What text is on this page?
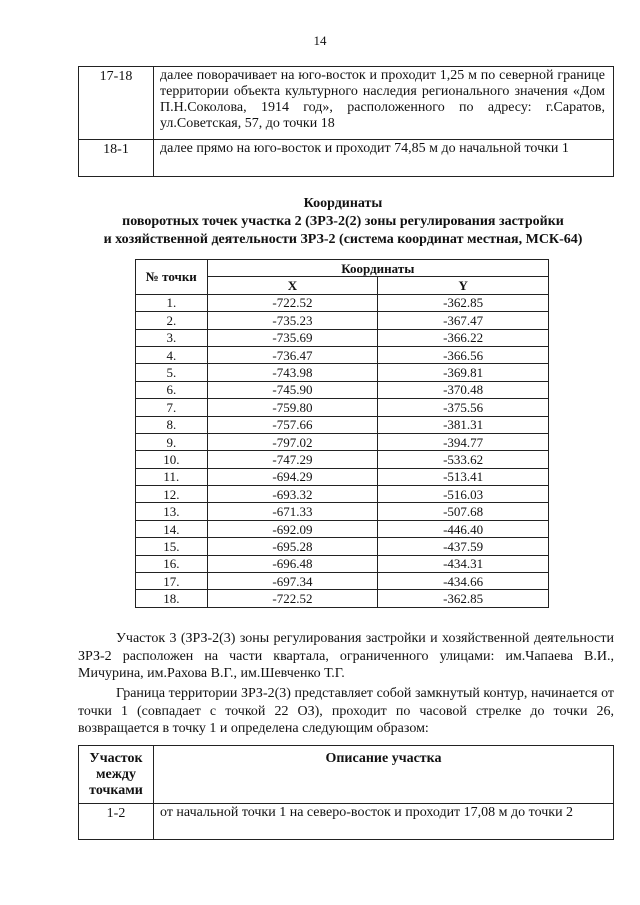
14
17-18	далее поворачивает на юго-восток и проходит 1,25 м по северной границе территории объекта культурного наследия регионального значения «Дом П.Н.Соколова, 1914 год», расположенного по адресу: г.Саратов, ул.Советская, 57, до точки 18
18-1	далее прямо на юго-восток и проходит 74,85 м до начальной точки 1
Координаты
поворотных точек участка 2 (ЗРЗ-2(2) зоны регулирования застройки
и хозяйственной деятельности ЗРЗ-2 (система координат местная, МСК-64)
№ точки	Координаты	
	X	Y
1.	-722.52	-362.85
2.	-735.23	-367.47
3.	-735.69	-366.22
4.	-736.47	-366.56
5.	-743.98	-369.81
6.	-745.90	-370.48
7.	-759.80	-375.56
8.	-757.66	-381.31
9.	-797.02	-394.77
10.	-747.29	-533.62
11.	-694.29	-513.41
12.	-693.32	-516.03
13.	-671.33	-507.68
14.	-692.09	-446.40
15.	-695.28	-437.59
16.	-696.48	-434.31
17.	-697.34	-434.66
18.	-722.52	-362.85
Участок 3 (ЗРЗ-2(3) зоны регулирования застройки и хозяйственной деятельности ЗРЗ-2 расположен на части квартала, ограниченного улицами: им.Чапаева В.И., Мичурина, им.Рахова В.Г., им.Шевченко Т.Г.
Граница территории ЗРЗ-2(3) представляет собой замкнутый контур, начинается от точки 1 (совпадает с точкой 22 ОЗ), проходит по часовой стрелке до точки 26, возвращается в точку 1 и определена следующим образом:
Участок
между
точками	Описание участка
1-2	от начальной точки 1 на северо-восток и проходит 17,08 м до точки 2
